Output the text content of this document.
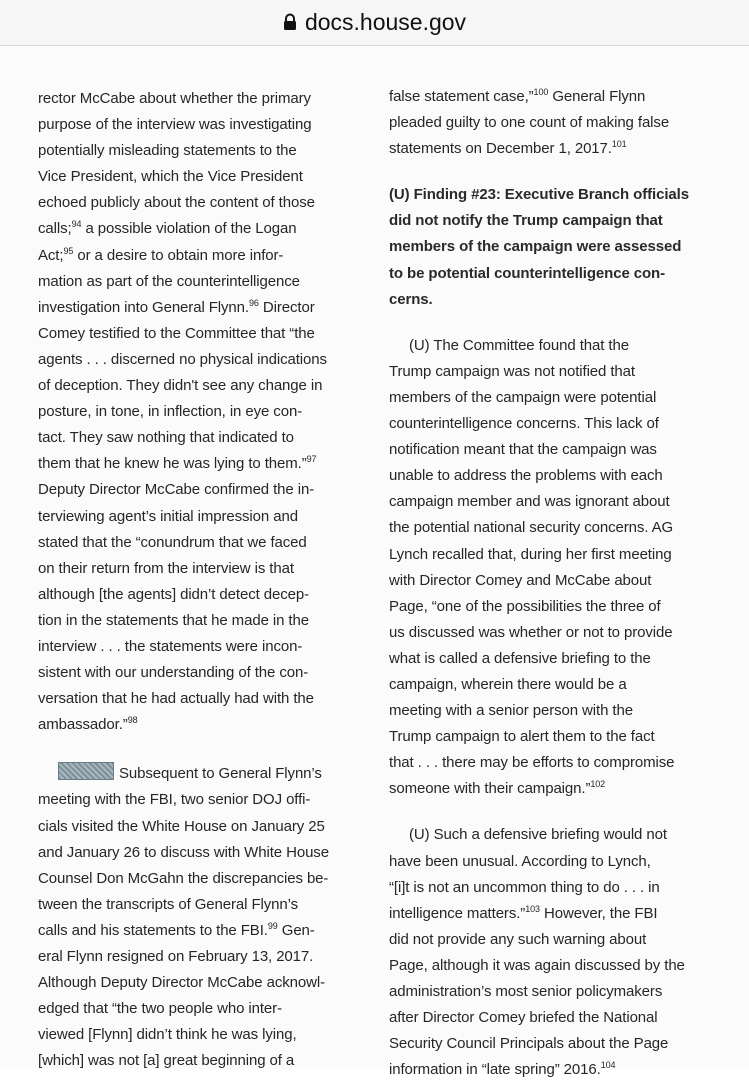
docs.house.gov

rector McCabe about whether the primary
purpose of the interview was investigating
potentially misleading statements to the
Vice President, which the Vice President
echoed publicly about the content of those
calls;$^{94}$ a possible violation of the Logan
Act;$^{95}$ or a desire to obtain more infor-
mation as part of the counterintelligence
investigation into General Flynn.$^{96}$ Director
Comey testified to the Committee that “the
agents . . . discerned no physical indications
of deception. They didn't see any change in
posture, in tone, in inflection, in eye con-
tact. They saw nothing that indicated to
them that he knew he was lying to them.”$^{97}$
Deputy Director McCabe confirmed the in-
terviewing agent’s initial impression and
stated that the “conundrum that we faced
on their return from the interview is that
although [the agents] didn’t detect decep-
tion in the statements that he made in the
interview . . . the statements were incon-
sistent with our understanding of the con-
versation that he had actually had with the
ambassador.”$^{98}$

Subsequent to General Flynn’s
meeting with the FBI, two senior DOJ offi-
cials visited the White House on January 25
and January 26 to discuss with White House
Counsel Don McGahn the discrepancies be-
tween the transcripts of General Flynn’s
calls and his statements to the FBI.$^{99}$ Gen-
eral Flynn resigned on February 13, 2017.
Although Deputy Director McCabe acknowl-
edged that “the two people who inter-
viewed [Flynn] didn’t think he was lying,
[which] was not [a] great beginning of a

false statement case,”$^{100}$ General Flynn
pleaded guilty to one count of making false
statements on December 1, 2017.$^{101}$

(U) Finding #23: Executive Branch officials
did not notify the Trump campaign that
members of the campaign were assessed
to be potential counterintelligence con-
cerns.

(U) The Committee found that the
Trump campaign was not notified that
members of the campaign were potential
counterintelligence concerns. This lack of
notification meant that the campaign was
unable to address the problems with each
campaign member and was ignorant about
the potential national security concerns. AG
Lynch recalled that, during her first meeting
with Director Comey and McCabe about
Page, “one of the possibilities the three of
us discussed was whether or not to provide
what is called a defensive briefing to the
campaign, wherein there would be a
meeting with a senior person with the
Trump campaign to alert them to the fact
that . . . there may be efforts to compromise
someone with their campaign.”$^{102}$

(U) Such a defensive briefing would not
have been unusual. According to Lynch,
“[i]t is not an uncommon thing to do . . . in
intelligence matters.”$^{103}$ However, the FBI
did not provide any such warning about
Page, although it was again discussed by the
administration’s most senior policymakers
after Director Comey briefed the National
Security Council Principals about the Page
information in “late spring” 2016.$^{104}$
